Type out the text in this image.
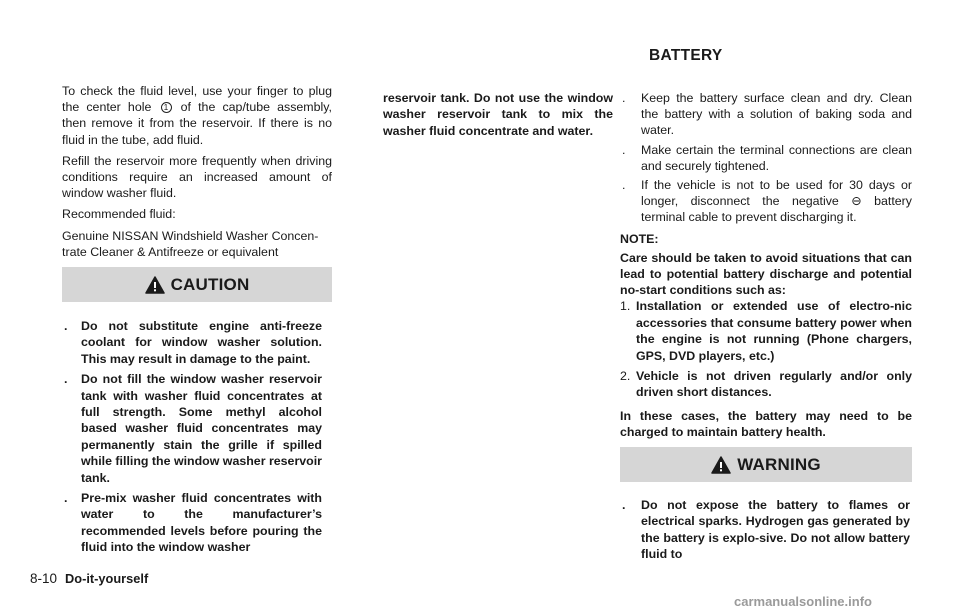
To check the fluid level, use your finger to plug the center hole 1 of the cap/tube assembly, then remove it from the reservoir. If there is no fluid in the tube, add fluid.

Refill the reservoir more frequently when driving conditions require an increased amount of window washer fluid.

Recommended fluid:

Genuine NISSAN Windshield Washer Concen-trate Cleaner & Antifreeze or equivalent

CAUTION
. Do not substitute engine anti-freeze coolant for window washer solution. This may result in damage to the paint.
. Do not fill the window washer reservoir tank with washer fluid concentrates at full strength. Some methyl alcohol based washer fluid concentrates may permanently stain the grille if spilled while filling the window washer reservoir tank.
. Pre-mix washer fluid concentrates with water to the manufacturer’s recommended levels before pouring the fluid into the window washer

reservoir tank. Do not use the window washer reservoir tank to mix the washer fluid concentrate and water.

BATTERY
. Keep the battery surface clean and dry. Clean the battery with a solution of baking soda and water.
. Make certain the terminal connections are clean and securely tightened.
. If the vehicle is not to be used for 30 days or longer, disconnect the negative ⊖ battery terminal cable to prevent discharging it.

NOTE:

Care should be taken to avoid situations that can lead to potential battery discharge and potential no-start conditions such as:

1. Installation or extended use of electro-nic accessories that consume battery power when the engine is not running (Phone chargers, GPS, DVD players, etc.)
2. Vehicle is not driven regularly and/or only driven short distances.

In these cases, the battery may need to be charged to maintain battery health.

WARNING
. Do not expose the battery to flames or electrical sparks. Hydrogen gas generated by the battery is explo-sive. Do not allow battery fluid to
8-10 Do-it-yourself
carmanualsonline.info
